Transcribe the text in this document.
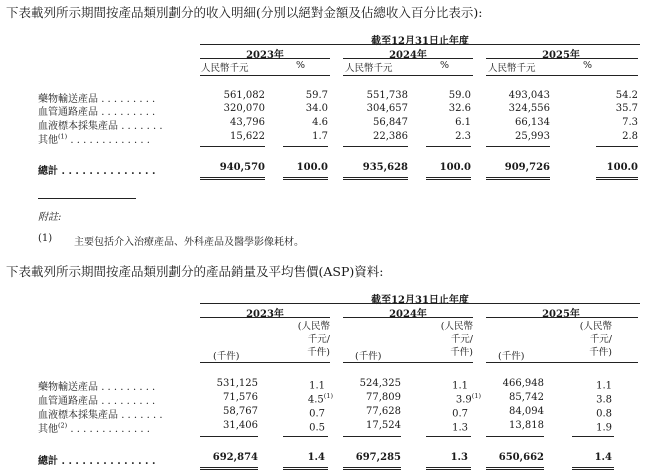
下表載列所示期間按產品類別劃分的收入明細(分別以絕對金額及佔總收入百分比表示):
截至12月31日止年度
2023年	2024年	2025年
人民幣千元	%	人民幣千元	%	人民幣千元	%
藥物輸送產品 . . . . . . . . .	561,082	59.7	551,738	59.0	493,043	54.2
血管通路產品 . . . . . . . . .	320,070	34.0	304,657	32.6	324,556	35.7
血液標本採集產品 . . . . . . .	43,796	4.6	56,847	6.1	66,134	7.3
其他$^{(1)}$ . . . . . . . . . . . . .	15,622	1.7	22,386	2.3	25,993	2.8
總計 . . . . . . . . . . . . . .	940,570	100.0	935,628	100.0	909,726	100.0
附註:
(1) 主要包括介入治療產品、外科產品及醫學影像耗材。
下表載列所示期間按產品類別劃分的產品銷量及平均售價(ASP)資料:
截至12月31日止年度
2023年	2024年	2025年
(人民幣
千元/
千件)
(人民幣
千元/
千件)
(人民幣
千元/
千件)
(千件)	(千件)	(千件)
藥物輸送產品 . . . . . . . . .	531,125	1.1	524,325	1.1	466,948	1.1
血管通路產品 . . . . . . . . .	71,576	4.5$^{(1)}$	77,809	3.9$^{(1)}$	85,742	3.8
血液標本採集產品 . . . . . . .	58,767	0.7	77,628	0.7	84,094	0.8
其他$^{(2)}$ . . . . . . . . . . . . .	31,406	0.5	17,524	1.3	13,818	1.9
總計 . . . . . . . . . . . . . .	692,874	1.4	697,285	1.3	650,662	1.4
